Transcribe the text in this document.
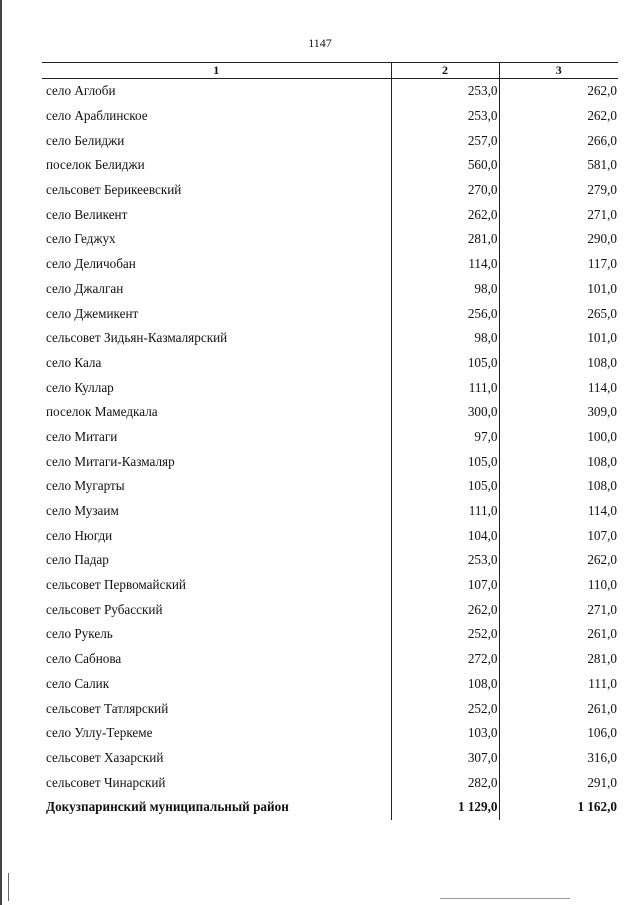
1147
1	2	3
село Аглоби	253,0	262,0
село Араблинское	253,0	262,0
село Белиджи	257,0	266,0
поселок Белиджи	560,0	581,0
сельсовет Берикеевский	270,0	279,0
село Великент	262,0	271,0
село Геджух	281,0	290,0
село Деличобан	114,0	117,0
село Джалган	98,0	101,0
село Джемикент	256,0	265,0
сельсовет Зидьян-Казмалярский	98,0	101,0
село Кала	105,0	108,0
село Куллар	111,0	114,0
поселок Мамедкала	300,0	309,0
село Митаги	97,0	100,0
село Митаги-Казмаляр	105,0	108,0
село Мугарты	105,0	108,0
село Музаим	111,0	114,0
село Нюгди	104,0	107,0
село Падар	253,0	262,0
сельсовет Первомайский	107,0	110,0
сельсовет Рубасский	262,0	271,0
село Рукель	252,0	261,0
село Сабнова	272,0	281,0
село Салик	108,0	111,0
сельсовет Татлярский	252,0	261,0
село Уллу-Теркеме	103,0	106,0
сельсовет Хазарский	307,0	316,0
сельсовет Чинарский	282,0	291,0
Докузпаринский муниципальный район	1 129,0	1 162,0
